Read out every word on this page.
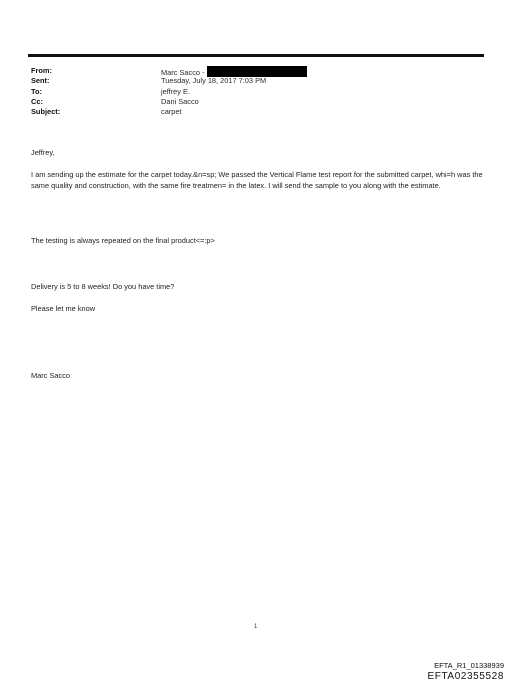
From:	Marc Sacco -
Sent:	Tuesday, July 18, 2017 7:03 PM
To:	jeffrey E.
Cc:	Dani Sacco
Subject:	carpet
Jeffrey,
I am sending up the estimate for the carpet today.&n=sp; We passed the Vertical Flame test report for the submitted carpet, whi=h was the same quality and construction, with the same fire treatmen= in the latex. I will send the sample to you along with the estimate.
The testing is always repeated on the final product<=:p>
Delivery is 5 to 8 weeks! Do you have time?
Please let me know
Marc Sacco
1
EFTA_R1_01338939
EFTA02355528
